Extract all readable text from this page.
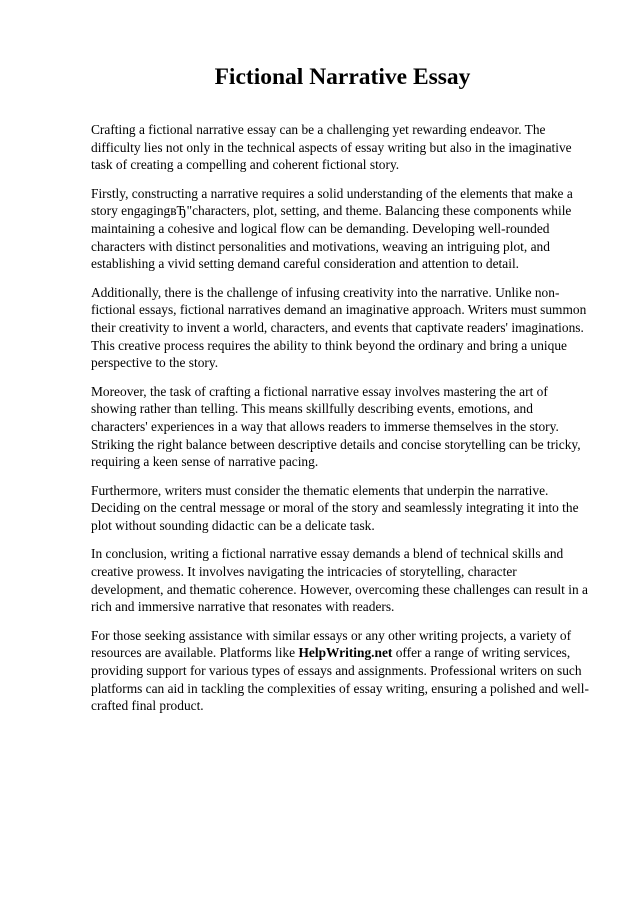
Fictional Narrative Essay

Crafting a fictional narrative essay can be a challenging yet rewarding endeavor. The difficulty lies not only in the technical aspects of essay writing but also in the imaginative task of creating a compelling and coherent fictional story.

Firstly, constructing a narrative requires a solid understanding of the elements that make a story engagingвЂ"characters, plot, setting, and theme. Balancing these components while maintaining a cohesive and logical flow can be demanding. Developing well-rounded characters with distinct personalities and motivations, weaving an intriguing plot, and establishing a vivid setting demand careful consideration and attention to detail.

Additionally, there is the challenge of infusing creativity into the narrative. Unlike non-fictional essays, fictional narratives demand an imaginative approach. Writers must summon their creativity to invent a world, characters, and events that captivate readers' imaginations. This creative process requires the ability to think beyond the ordinary and bring a unique perspective to the story.

Moreover, the task of crafting a fictional narrative essay involves mastering the art of showing rather than telling. This means skillfully describing events, emotions, and characters' experiences in a way that allows readers to immerse themselves in the story. Striking the right balance between descriptive details and concise storytelling can be tricky, requiring a keen sense of narrative pacing.

Furthermore, writers must consider the thematic elements that underpin the narrative. Deciding on the central message or moral of the story and seamlessly integrating it into the plot without sounding didactic can be a delicate task.

In conclusion, writing a fictional narrative essay demands a blend of technical skills and creative prowess. It involves navigating the intricacies of storytelling, character development, and thematic coherence. However, overcoming these challenges can result in a rich and immersive narrative that resonates with readers.

For those seeking assistance with similar essays or any other writing projects, a variety of resources are available. Platforms like HelpWriting.net offer a range of writing services, providing support for various types of essays and assignments. Professional writers on such platforms can aid in tackling the complexities of essay writing, ensuring a polished and well-crafted final product.
